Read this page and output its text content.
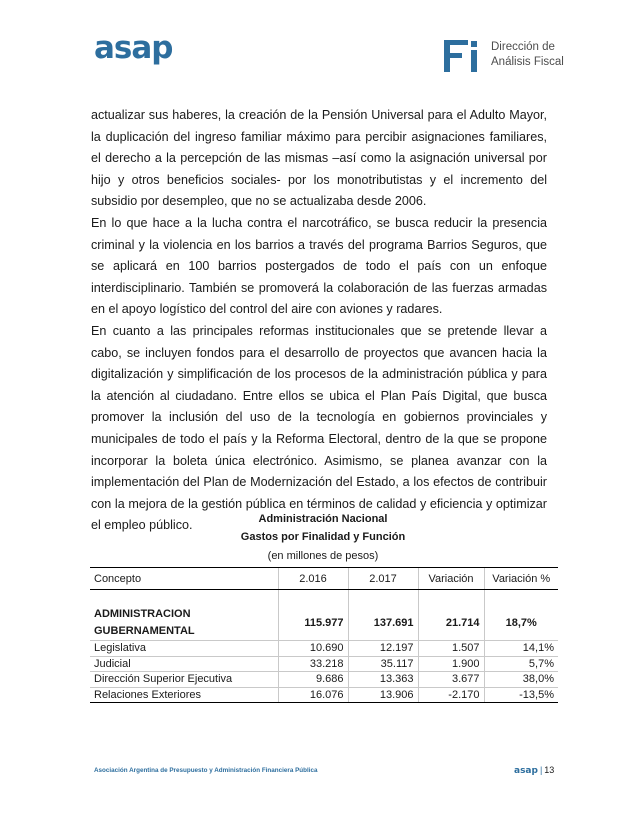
asap	Dirección de
Análisis Fiscal

actualizar sus haberes, la creación de la Pensión Universal para el Adulto Mayor, la duplicación del ingreso familiar máximo para percibir asignaciones familiares, el derecho a la percepción de las mismas –así como la asignación universal por hijo y otros beneficios sociales- por los monotributistas y el incremento del subsidio por desempleo, que no se actualizaba desde 2006.

En lo que hace a la lucha contra el narcotráfico, se busca reducir la presencia criminal y la violencia en los barrios a través del programa Barrios Seguros, que se aplicará en 100 barrios postergados de todo el país con un enfoque interdisciplinario. También se promoverá la colaboración de las fuerzas armadas en el apoyo logístico del control del aire con aviones y radares.

En cuanto a las principales reformas institucionales que se pretende llevar a cabo, se incluyen fondos para el desarrollo de proyectos que avancen hacia la digitalización y simplificación de los procesos de la administración pública y para la atención al ciudadano. Entre ellos se ubica el Plan País Digital, que busca promover la inclusión del uso de la tecnología en gobiernos provinciales y municipales de todo el país y la Reforma Electoral, dentro de la que se propone incorporar la boleta única electrónico. Asimismo, se planea avanzar con la implementación del Plan de Modernización del Estado, a los efectos de contribuir con la mejora de la gestión pública en términos de calidad y eficiencia y optimizar el empleo público.	Administración Nacional
Gastos por Finalidad y Función
(en millones de pesos)
Concepto	2.016	2.017	Variación	Variación %

ADMINISTRACION
GUBERNAMENTAL	115.977	137.691	21.714	18,7%
Legislativa	10.690	12.197	1.507	14,1%
Judicial	33.218	35.117	1.900	5,7%
Dirección Superior Ejecutiva	9.686	13.363	3.677	38,0%
Relaciones Exteriores	16.076	13.906	-2.170	-13,5%
Asociación Argentina de Presupuesto y Administración Financiera Pública	asap | 13
